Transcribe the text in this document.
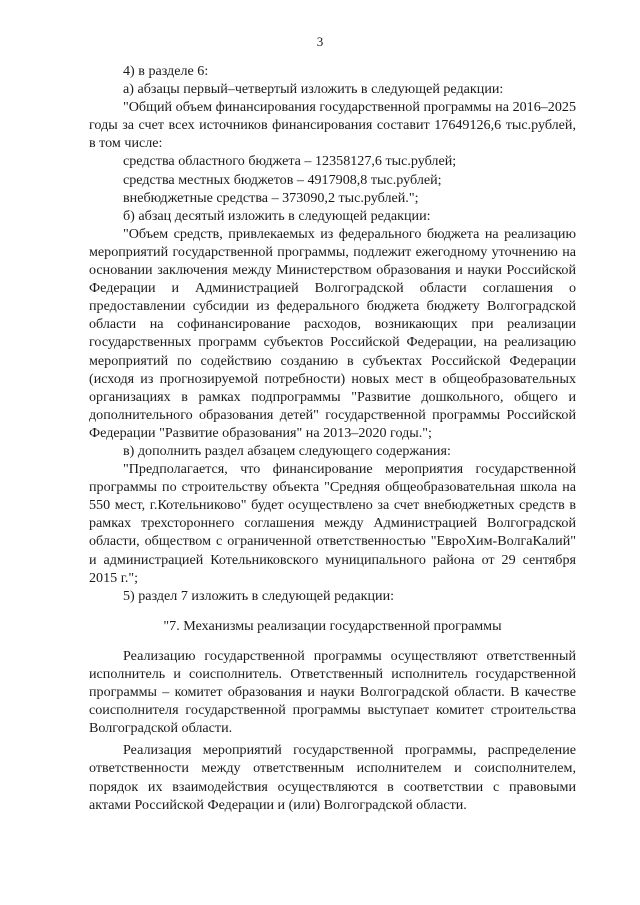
3

4) в разделе 6:

а) абзацы первый–четвертый изложить в следующей редакции:

"Общий объем финансирования государственной программы на 2016–2025 годы за счет всех источников финансирования составит 17649126,6 тыс.рублей, в том числе:

средства областного бюджета – 12358127,6 тыс.рублей;
средства местных бюджетов – 4917908,8 тыс.рублей;
внебюджетные средства – 373090,2 тыс.рублей.";

б) абзац десятый изложить в следующей редакции:

"Объем средств, привлекаемых из федерального бюджета на реализацию мероприятий государственной программы, подлежит ежегодному уточнению на основании заключения между Министерством образования и науки Российской Федерации и Администрацией Волгоградской области соглашения о предоставлении субсидии из федерального бюджета бюджету Волгоградской области на софинансирование расходов, возникающих при реализации государственных программ субъектов Российской Федерации, на реализацию мероприятий по содействию созданию в субъектах Российской Федерации (исходя из прогнозируемой потребности) новых мест в общеобразовательных организациях в рамках подпрограммы "Развитие дошкольного, общего и дополнительного образования детей" государственной программы Российской Федерации "Развитие образования" на 2013–2020 годы.";

в) дополнить раздел абзацем следующего содержания:

"Предполагается, что финансирование мероприятия государственной программы по строительству объекта "Средняя общеобразовательная школа на 550 мест, г.Котельниково" будет осуществлено за счет внебюджетных средств в рамках трехстороннего соглашения между Администрацией Волгоградской области, обществом с ограниченной ответственностью "ЕвроХим-ВолгаКалий" и администрацией Котельниковского муниципального района от 29 сентября 2015 г.";

5) раздел 7 изложить в следующей редакции:

"7. Механизмы реализации государственной программы

Реализацию государственной программы осуществляют ответственный исполнитель и соисполнитель. Ответственный исполнитель государственной программы – комитет образования и науки Волгоградской области. В качестве соисполнителя государственной программы выступает комитет строительства Волгоградской области.

Реализация мероприятий государственной программы, распределение ответственности между ответственным исполнителем и соисполнителем, порядок их взаимодействия осуществляются в соответствии с правовыми актами Российской Федерации и (или) Волгоградской области.
